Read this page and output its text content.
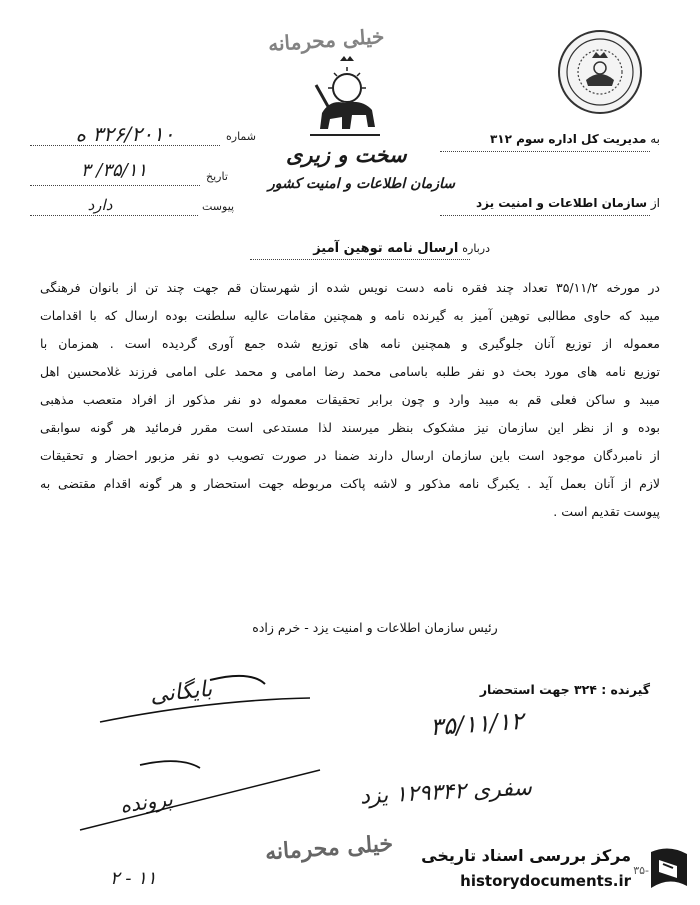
خیلی محرمانه
سخت و زیری
سازمان اطلاعات و امنیت کشور
شماره
۳۲۶/۲۰۱۰ ه
تاریخ
۳۵/۱۱/ ۳
پیوست
دارد
به مدیریت کل اداره سوم ۳۱۲
از سازمان اطلاعات و امنیت یزد
درباره ارسال نامه توهین آمیز
در مورخه ۳۵/۱۱/۲ تعداد چند فقره نامه دست نویس شده از شهرستان قم جهت چند تن از بانوان فرهنگی
میبد که حاوی مطالبی توهین آمیز به گیرنده نامه و همچنین مقامات عالیه سلطنت بوده ارسال که با اقدامات
معموله از توزیع آنان جلوگیری و همچنین نامه های توزیع شده جمع آوری گردیده است . همزمان با
توزیع نامه های مورد بحث دو نفر طلبه باسامی محمد رضا امامی و محمد علی امامی فرزند غلامحسین اهل
میبد و ساکن فعلی قم به میبد وارد و چون برابر تحقیقات معموله دو نفر مذکور از افراد متعصب مذهبی
بوده و از نظر این سازمان نیز مشکوک بنظر میرسند لذا مستدعی است مقرر فرمائید هر گونه سوابقی
از نامبردگان موجود است باین سازمان ارسال دارند ضمنا در صورت تصویب دو نفر مزبور احضار و تحقیقات
لازم از آنان بعمل آید . یکبرگ نامه مذکور و لاشه پاکت مربوطه جهت استحضار و هر گونه اقدام مقتضی به
پیوست تقدیم است .
رئیس سازمان اطلاعات و امنیت یزد - خرم زاده
گیرنده : ۳۲۴ جهت استحضار
۳۵/۱۱/۱۲
سفری ۱۲۹۳۴۲ یزد
بایگانی
پرونده
۱۱ - ۲
خیلی محرمانه مرکز بررسی اسناد تاریخی
historydocuments.ir
۳۵-
